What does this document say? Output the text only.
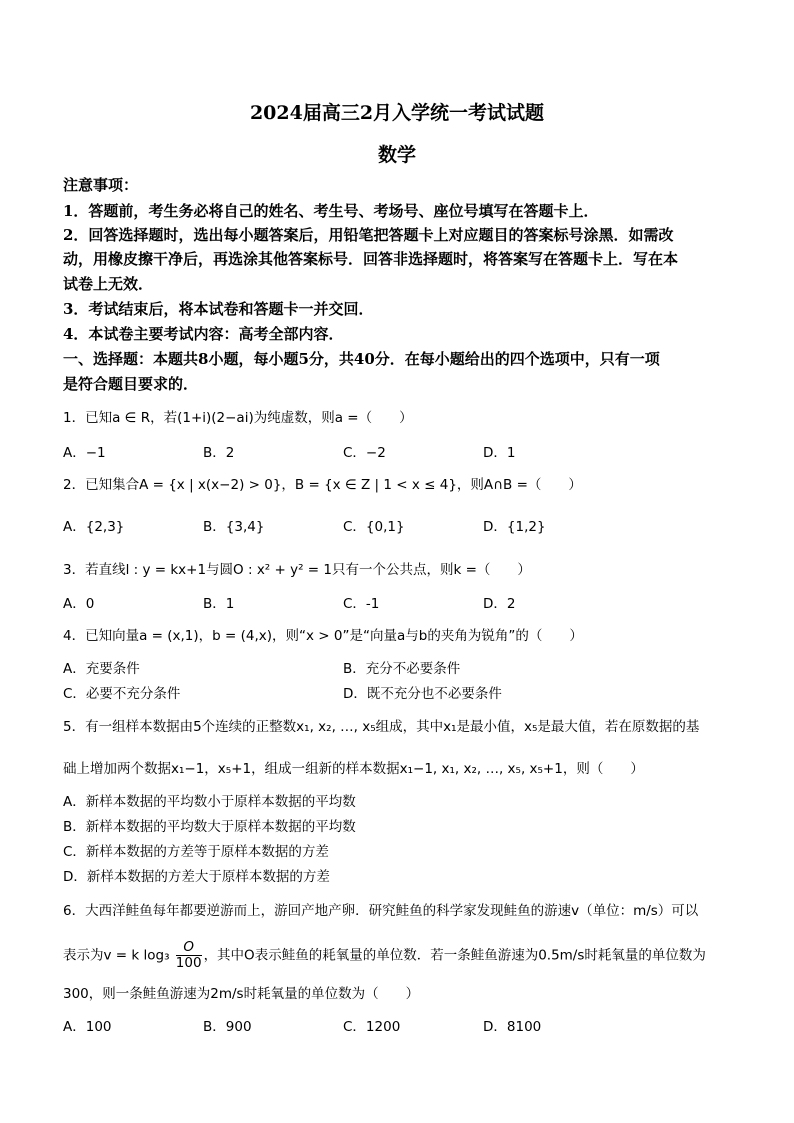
2024届高三2月入学统一考试试题
数学
注意事项：
1．答题前，考生务必将自己的姓名、考生号、考场号、座位号填写在答题卡上．
2．回答选择题时，选出每小题答案后，用铅笔把答题卡上对应题目的答案标号涂黑．如需改
动，用橡皮擦干净后，再选涂其他答案标号．回答非选择题时，将答案写在答题卡上．写在本
试卷上无效．
3．考试结束后，将本试卷和答题卡一并交回．
4．本试卷主要考试内容：高考全部内容．
一、选择题：本题共8小题，每小题5分，共40分．在每小题给出的四个选项中，只有一项
是符合题目要求的．
1．已知a ∈ R，若(1+i)(2−ai)为纯虚数，则a =（　　）
A．−1	B．2	C．−2	D．1
2．已知集合A = {x | x(x−2) > 0}，B = {x ∈ Z | 1 < x ≤ 4}，则A∩B =（　　）
A．{2,3}	B．{3,4}	C．{0,1}	D．{1,2}
3．若直线l : y = kx+1与圆O : x² + y² = 1只有一个公共点，则k =（　　）
A．0	B．1	C．-1	D．2
4．已知向量a = (x,1)，b = (4,x)，则“x > 0”是“向量a与b的夹角为锐角”的（　　）
A．充要条件	B．充分不必要条件
C．必要不充分条件	D．既不充分也不必要条件
5．有一组样本数据由5个连续的正整数x₁, x₂, …, x₅组成，其中x₁是最小值，x₅是最大值，若在原数据的基
础上增加两个数据x₁−1，x₅+1，组成一组新的样本数据x₁−1, x₁, x₂, …, x₅, x₅+1，则（　　）
A．新样本数据的平均数小于原样本数据的平均数
B．新样本数据的平均数大于原样本数据的平均数
C．新样本数据的方差等于原样本数据的方差
D．新样本数据的方差大于原样本数据的方差
6．大西洋鲑鱼每年都要逆游而上，游回产地产卵．研究鲑鱼的科学家发现鲑鱼的游速v（单位：m/s）可以
表示为v = k $\log_3 \frac{O}{100}$ ，其中O表示鲑鱼的耗氧量的单位数．若一条鲑鱼游速为0.5m/s时耗氧量的单位数为
300，则一条鲑鱼游速为2m/s时耗氧量的单位数为（　　）
A．100	B．900	C．1200	D．8100
